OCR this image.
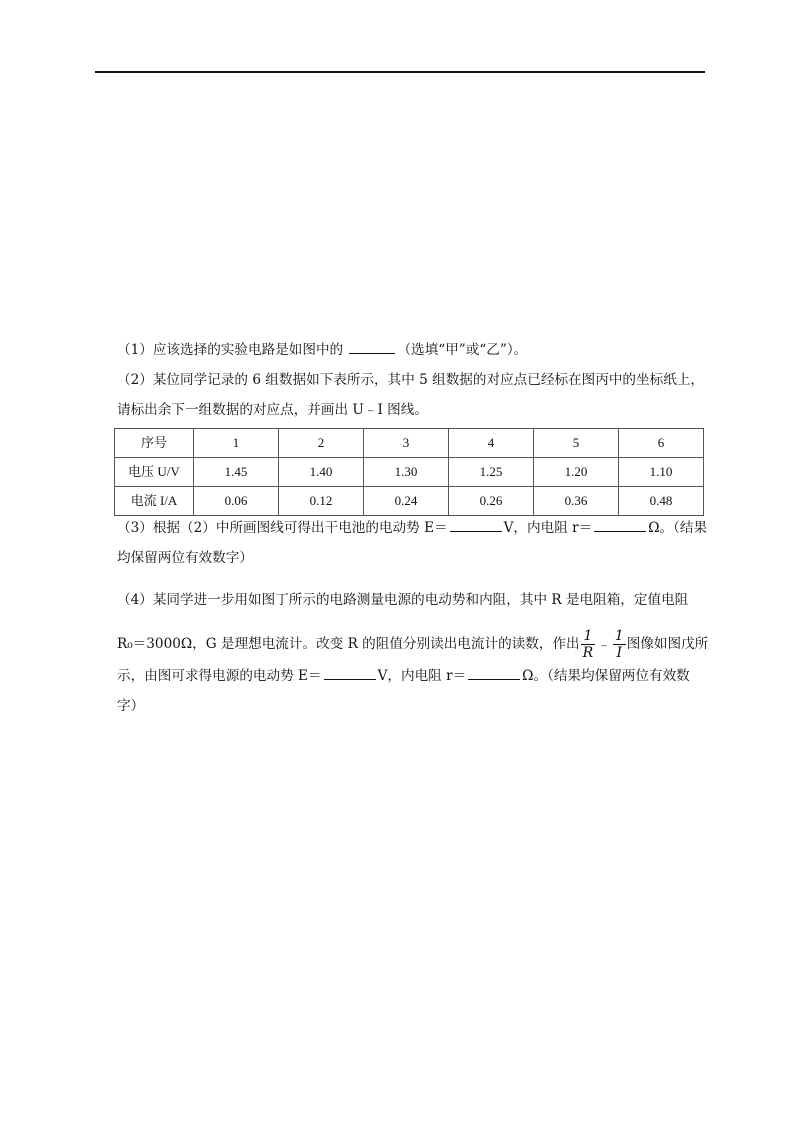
（1）应该选择的实验电路是如图中的	（选填“甲”或“乙”）。
（2）某位同学记录的 6 组数据如下表所示，其中 5 组数据的对应点已经标在图丙中的坐标纸上，
请标出余下一组数据的对应点，并画出 U﹣I 图线。
序号	1	2	3	4	5	6
电压 U/V	1.45	1.40	1.30	1.25	1.20	1.10
电流 I/A	0.06	0.12	0.24	0.26	0.36	0.48
（3）根据（2）中所画图线可得出干电池的电动势 E＝	V，内电阻 r＝	Ω。（结果
均保留两位有效数字）
（4）某同学进一步用如图丁所示的电路测量电源的电动势和内阻，其中 R 是电阻箱，定值电阻
R₀＝3000Ω，G 是理想电流计。改变 R 的阻值分别读出电流计的读数，作出 $\frac{1}{R}$ ﹣ $\frac{1}{I}$ 图像如图戊所
示，由图可求得电源的电动势 E＝	V，内电阻 r＝	Ω。（结果均保留两位有效数
字）
